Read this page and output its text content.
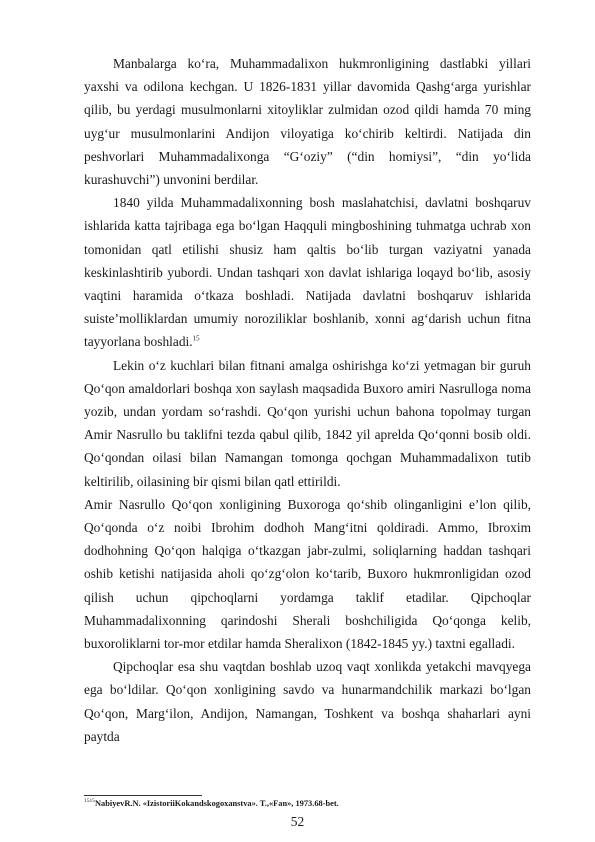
Manbalarga ko‘ra, Muhammadalixon hukmronligining dastlabki yillari yaxshi va odilona kechgan. U 1826-1831 yillar davomida Qashg‘arga yurishlar qilib, bu yerdagi musulmonlarni xitoyliklar zulmidan ozod qildi hamda 70 ming uyg‘ur musulmonlarini Andijon viloyatiga ko‘chirib keltirdi. Natijada din peshvorlari Muhammadalixonga “G‘oziy” (“din homiysi”, “din yo‘lida kurashuvchi”) unvonini berdilar.

1840 yilda Muhammadalixonning bosh maslahatchisi, davlatni boshqaruv ishlarida katta tajribaga ega bo‘lgan Haqquli mingboshining tuhmatga uchrab xon tomonidan qatl etilishi shusiz ham qaltis bo‘lib turgan vaziyatni yanada keskinlashtirib yubordi. Undan tashqari xon davlat ishlariga loqayd bo‘lib, asosiy vaqtini haramida o‘tkaza boshladi. Natijada davlatni boshqaruv ishlarida suiste’molliklardan umumiy noroziliklar boshlanib, xonni ag‘darish uchun fitna tayyorlana boshladi.$^{15}$

Lekin o‘z kuchlari bilan fitnani amalga oshirishga ko‘zi yetmagan bir guruh Qo‘qon amaldorlari boshqa xon saylash maqsadida Buxoro amiri Nasrulloga noma yozib, undan yordam so‘rashdi. Qo‘qon yurishi uchun bahona topolmay turgan Amir Nasrullo bu taklifni tezda qabul qilib, 1842 yil aprelda Qo‘qonni bosib oldi. Qo‘qondan oilasi bilan Namangan tomonga qochgan Muhammadalixon tutib keltirilib, oilasining bir qismi bilan qatl ettirildi.

Amir Nasrullo Qo‘qon xonligining Buxoroga qo‘shib olinganligini e’lon qilib, Qo‘qonda o‘z noibi Ibrohim dodhoh Mang‘itni qoldiradi. Ammo, Ibroxim dodhohning Qo‘qon halqiga o‘tkazgan jabr-zulmi, soliqlarning haddan tashqari oshib ketishi natijasida aholi qo‘zg‘olon ko‘tarib, Buxoro hukmronligidan ozod qilish uchun qipchoqlarni yordamga taklif etadilar. Qipchoqlar Muhammadalixonning qarindoshi Sherali boshchiligida Qo‘qonga kelib, buxoroliklarni tor-mor etdilar hamda Sheralixon (1842-1845 yy.) taxtni egalladi.

Qipchoqlar esa shu vaqtdan boshlab uzoq vaqt xonlikda yetakchi mavqyega ega bo‘ldilar. Qo‘qon xonligining savdo va hunarmandchilik markazi bo‘lgan Qo‘qon, Marg‘ilon, Andijon, Namangan, Toshkent va boshqa shaharlari ayni paytda

$^{1515}$NabiyevR.N. «IzistoriiKokandskogoxanstva». T.,«Fan», 1973.68-bet.
52
